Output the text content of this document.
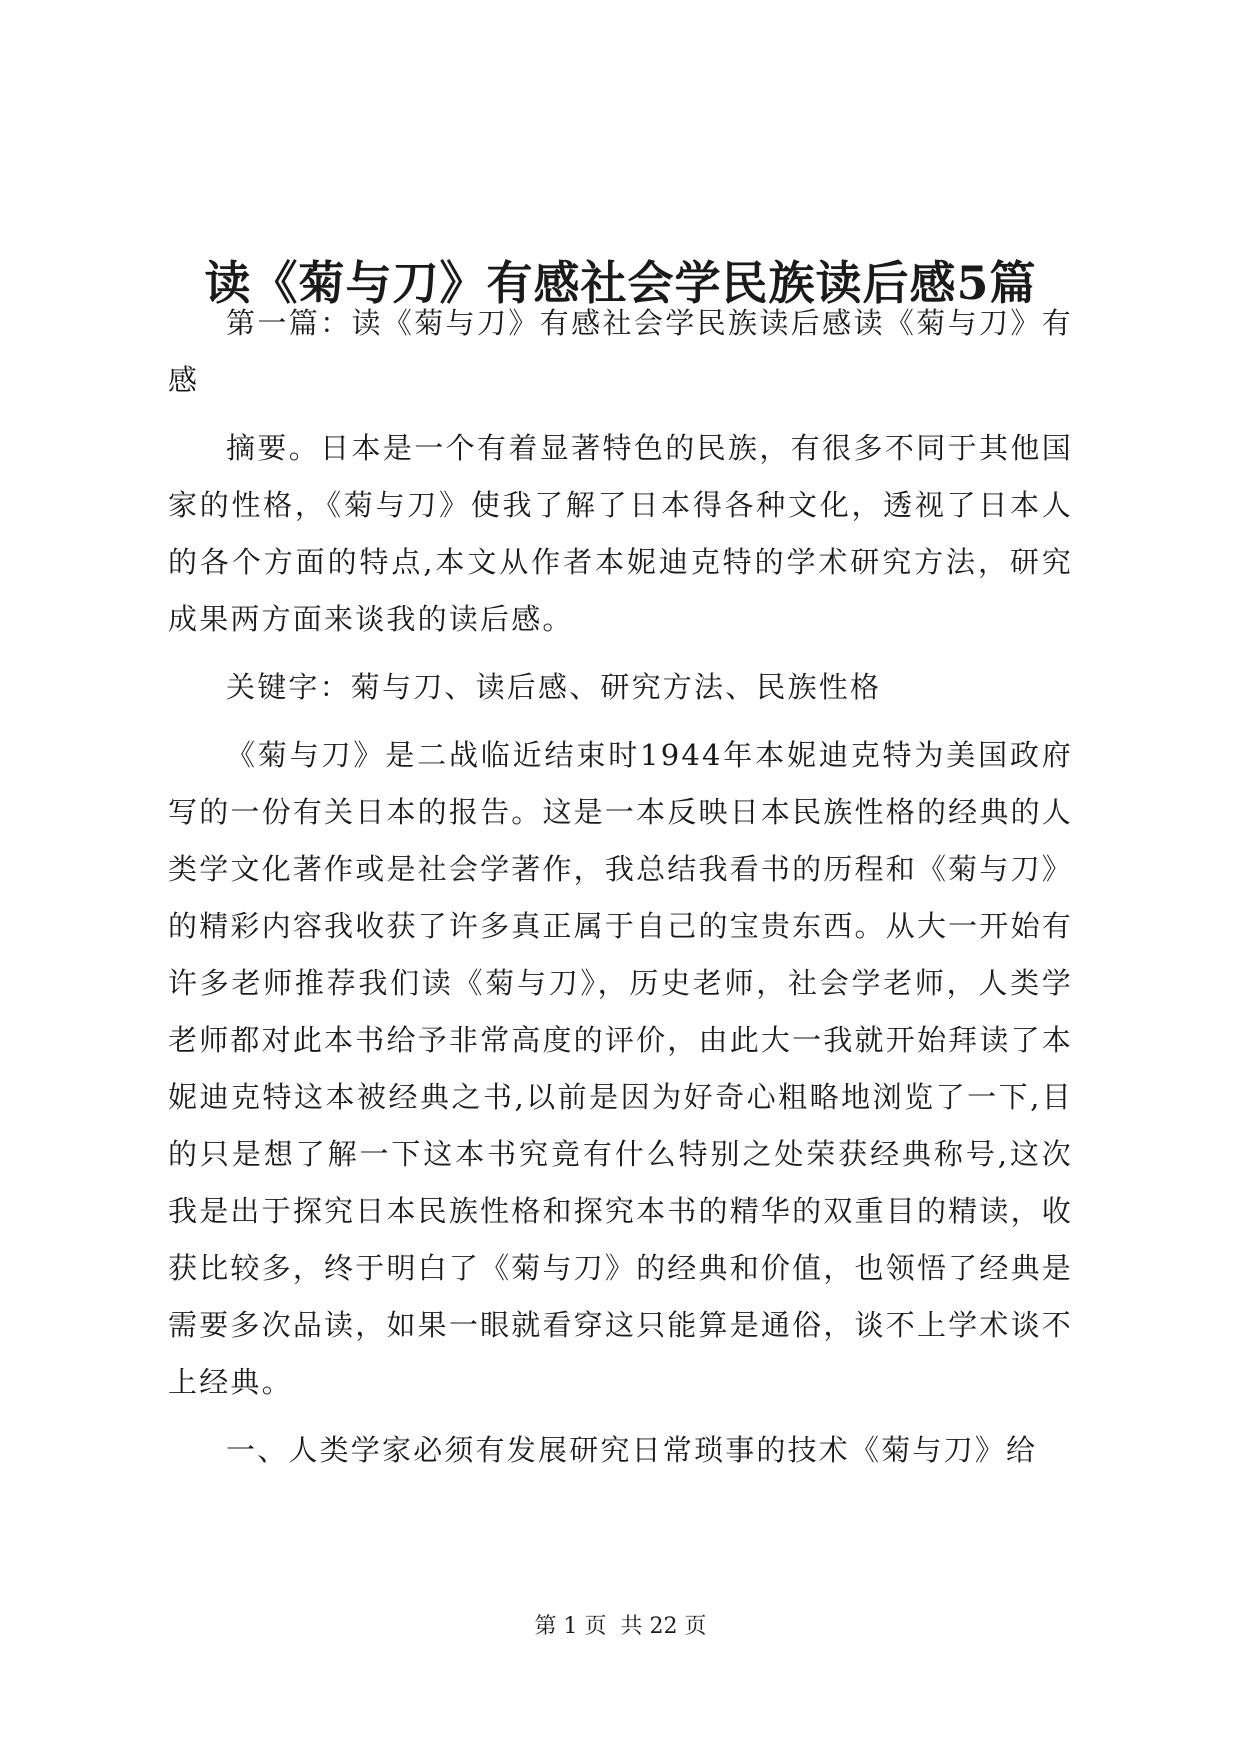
读《菊与刀》有感社会学民族读后感5篇

第一篇：读《菊与刀》有感社会学民族读后感读《菊与刀》有感

摘要。日本是一个有着显著特色的民族，有很多不同于其他国家的性格，《菊与刀》使我了解了日本得各种文化，透视了日本人的各个方面的特点,本文从作者本妮迪克特的学术研究方法，研究成果两方面来谈我的读后感。

关键字：菊与刀、读后感、研究方法、民族性格

《菊与刀》是二战临近结束时1944年本妮迪克特为美国政府写的一份有关日本的报告。这是一本反映日本民族性格的经典的人类学文化著作或是社会学著作，我总结我看书的历程和《菊与刀》的精彩内容我收获了许多真正属于自己的宝贵东西。从大一开始有许多老师推荐我们读《菊与刀》，历史老师，社会学老师，人类学老师都对此本书给予非常高度的评价，由此大一我就开始拜读了本妮迪克特这本被经典之书,以前是因为好奇心粗略地浏览了一下,目的只是想了解一下这本书究竟有什么特别之处荣获经典称号,这次我是出于探究日本民族性格和探究本书的精华的双重目的精读，收获比较多，终于明白了《菊与刀》的经典和价值，也领悟了经典是需要多次品读，如果一眼就看穿这只能算是通俗，谈不上学术谈不上经典。

一、人类学家必须有发展研究日常琐事的技术《菊与刀》给

第 1 页  共 22 页
